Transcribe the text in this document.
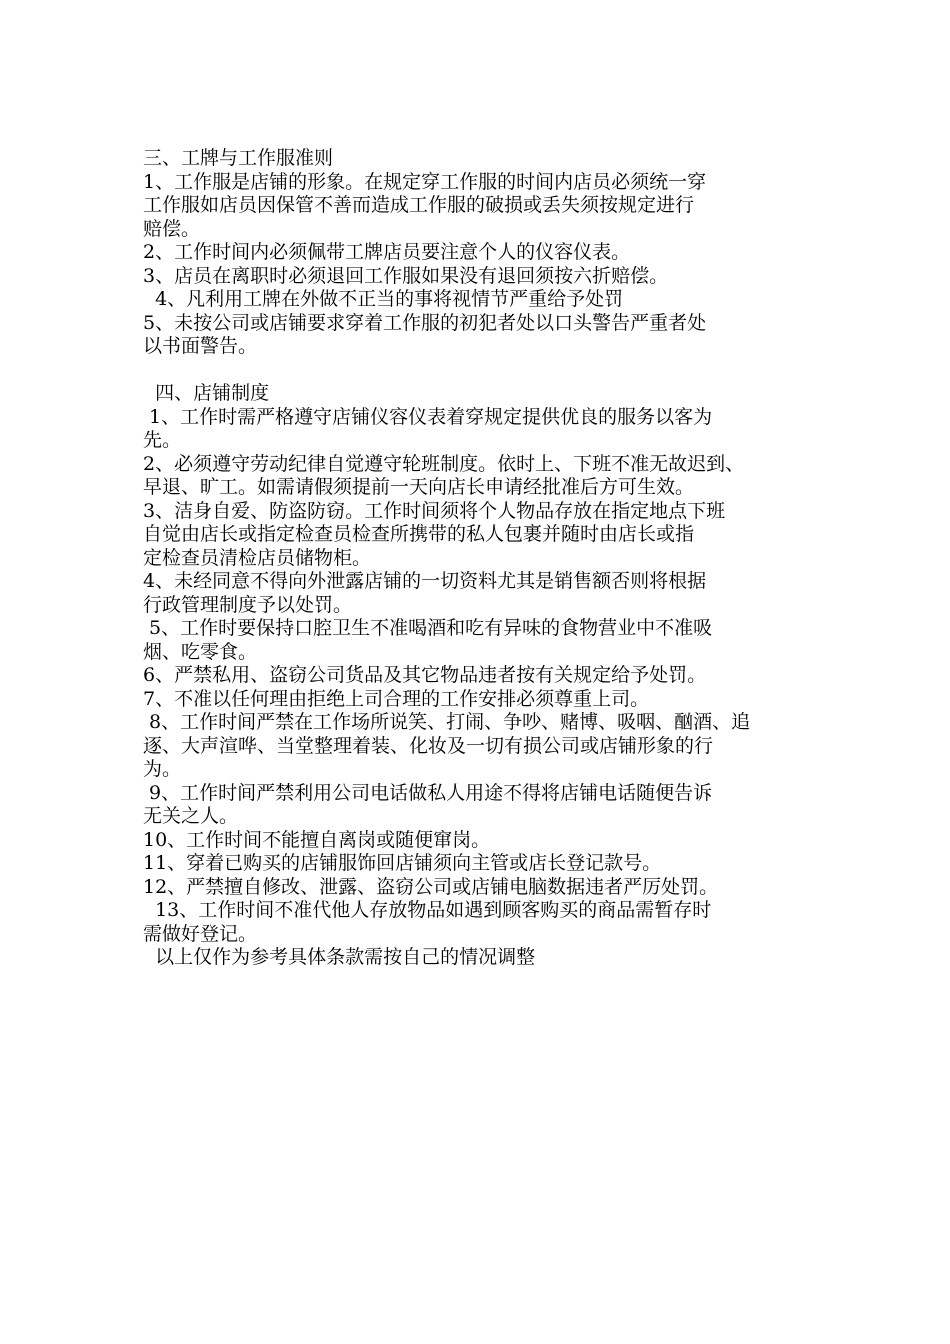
三、工牌与工作服准则
1、工作服是店铺的形象。在规定穿工作服的时间内店员必须统一穿
工作服如店员因保管不善而造成工作服的破损或丢失须按规定进行
赔偿。
2、工作时间内必须佩带工牌店员要注意个人的仪容仪表。
3、店员在离职时必须退回工作服如果没有退回须按六折赔偿。
4、凡利用工牌在外做不正当的事将视情节严重给予处罚
5、未按公司或店铺要求穿着工作服的初犯者处以口头警告严重者处
以书面警告。
四、店铺制度
1、工作时需严格遵守店铺仪容仪表着穿规定提供优良的服务以客为
先。
2、必须遵守劳动纪律自觉遵守轮班制度。依时上、下班不准无故迟到、
早退、旷工。如需请假须提前一天向店长申请经批准后方可生效。
3、洁身自爱、防盗防窃。工作时间须将个人物品存放在指定地点下班
自觉由店长或指定检查员检查所携带的私人包裹并随时由店长或指
定检查员清检店员储物柜。
4、未经同意不得向外泄露店铺的一切资料尤其是销售额否则将根据
行政管理制度予以处罚。
5、工作时要保持口腔卫生不准喝酒和吃有异味的食物营业中不准吸
烟、吃零食。
6、严禁私用、盗窃公司货品及其它物品违者按有关规定给予处罚。
7、不准以任何理由拒绝上司合理的工作安排必须尊重上司。
8、工作时间严禁在工作场所说笑、打闹、争吵、赌博、吸咽、酗酒、追
逐、大声渲哗、当堂整理着装、化妆及一切有损公司或店铺形象的行
为。
9、工作时间严禁利用公司电话做私人用途不得将店铺电话随便告诉
无关之人。
10、工作时间不能擅自离岗或随便窜岗。
11、穿着已购买的店铺服饰回店铺须向主管或店长登记款号。
12、严禁擅自修改、泄露、盗窃公司或店铺电脑数据违者严厉处罚。
13、工作时间不准代他人存放物品如遇到顾客购买的商品需暂存时
需做好登记。
以上仅作为参考具体条款需按自己的情况调整
